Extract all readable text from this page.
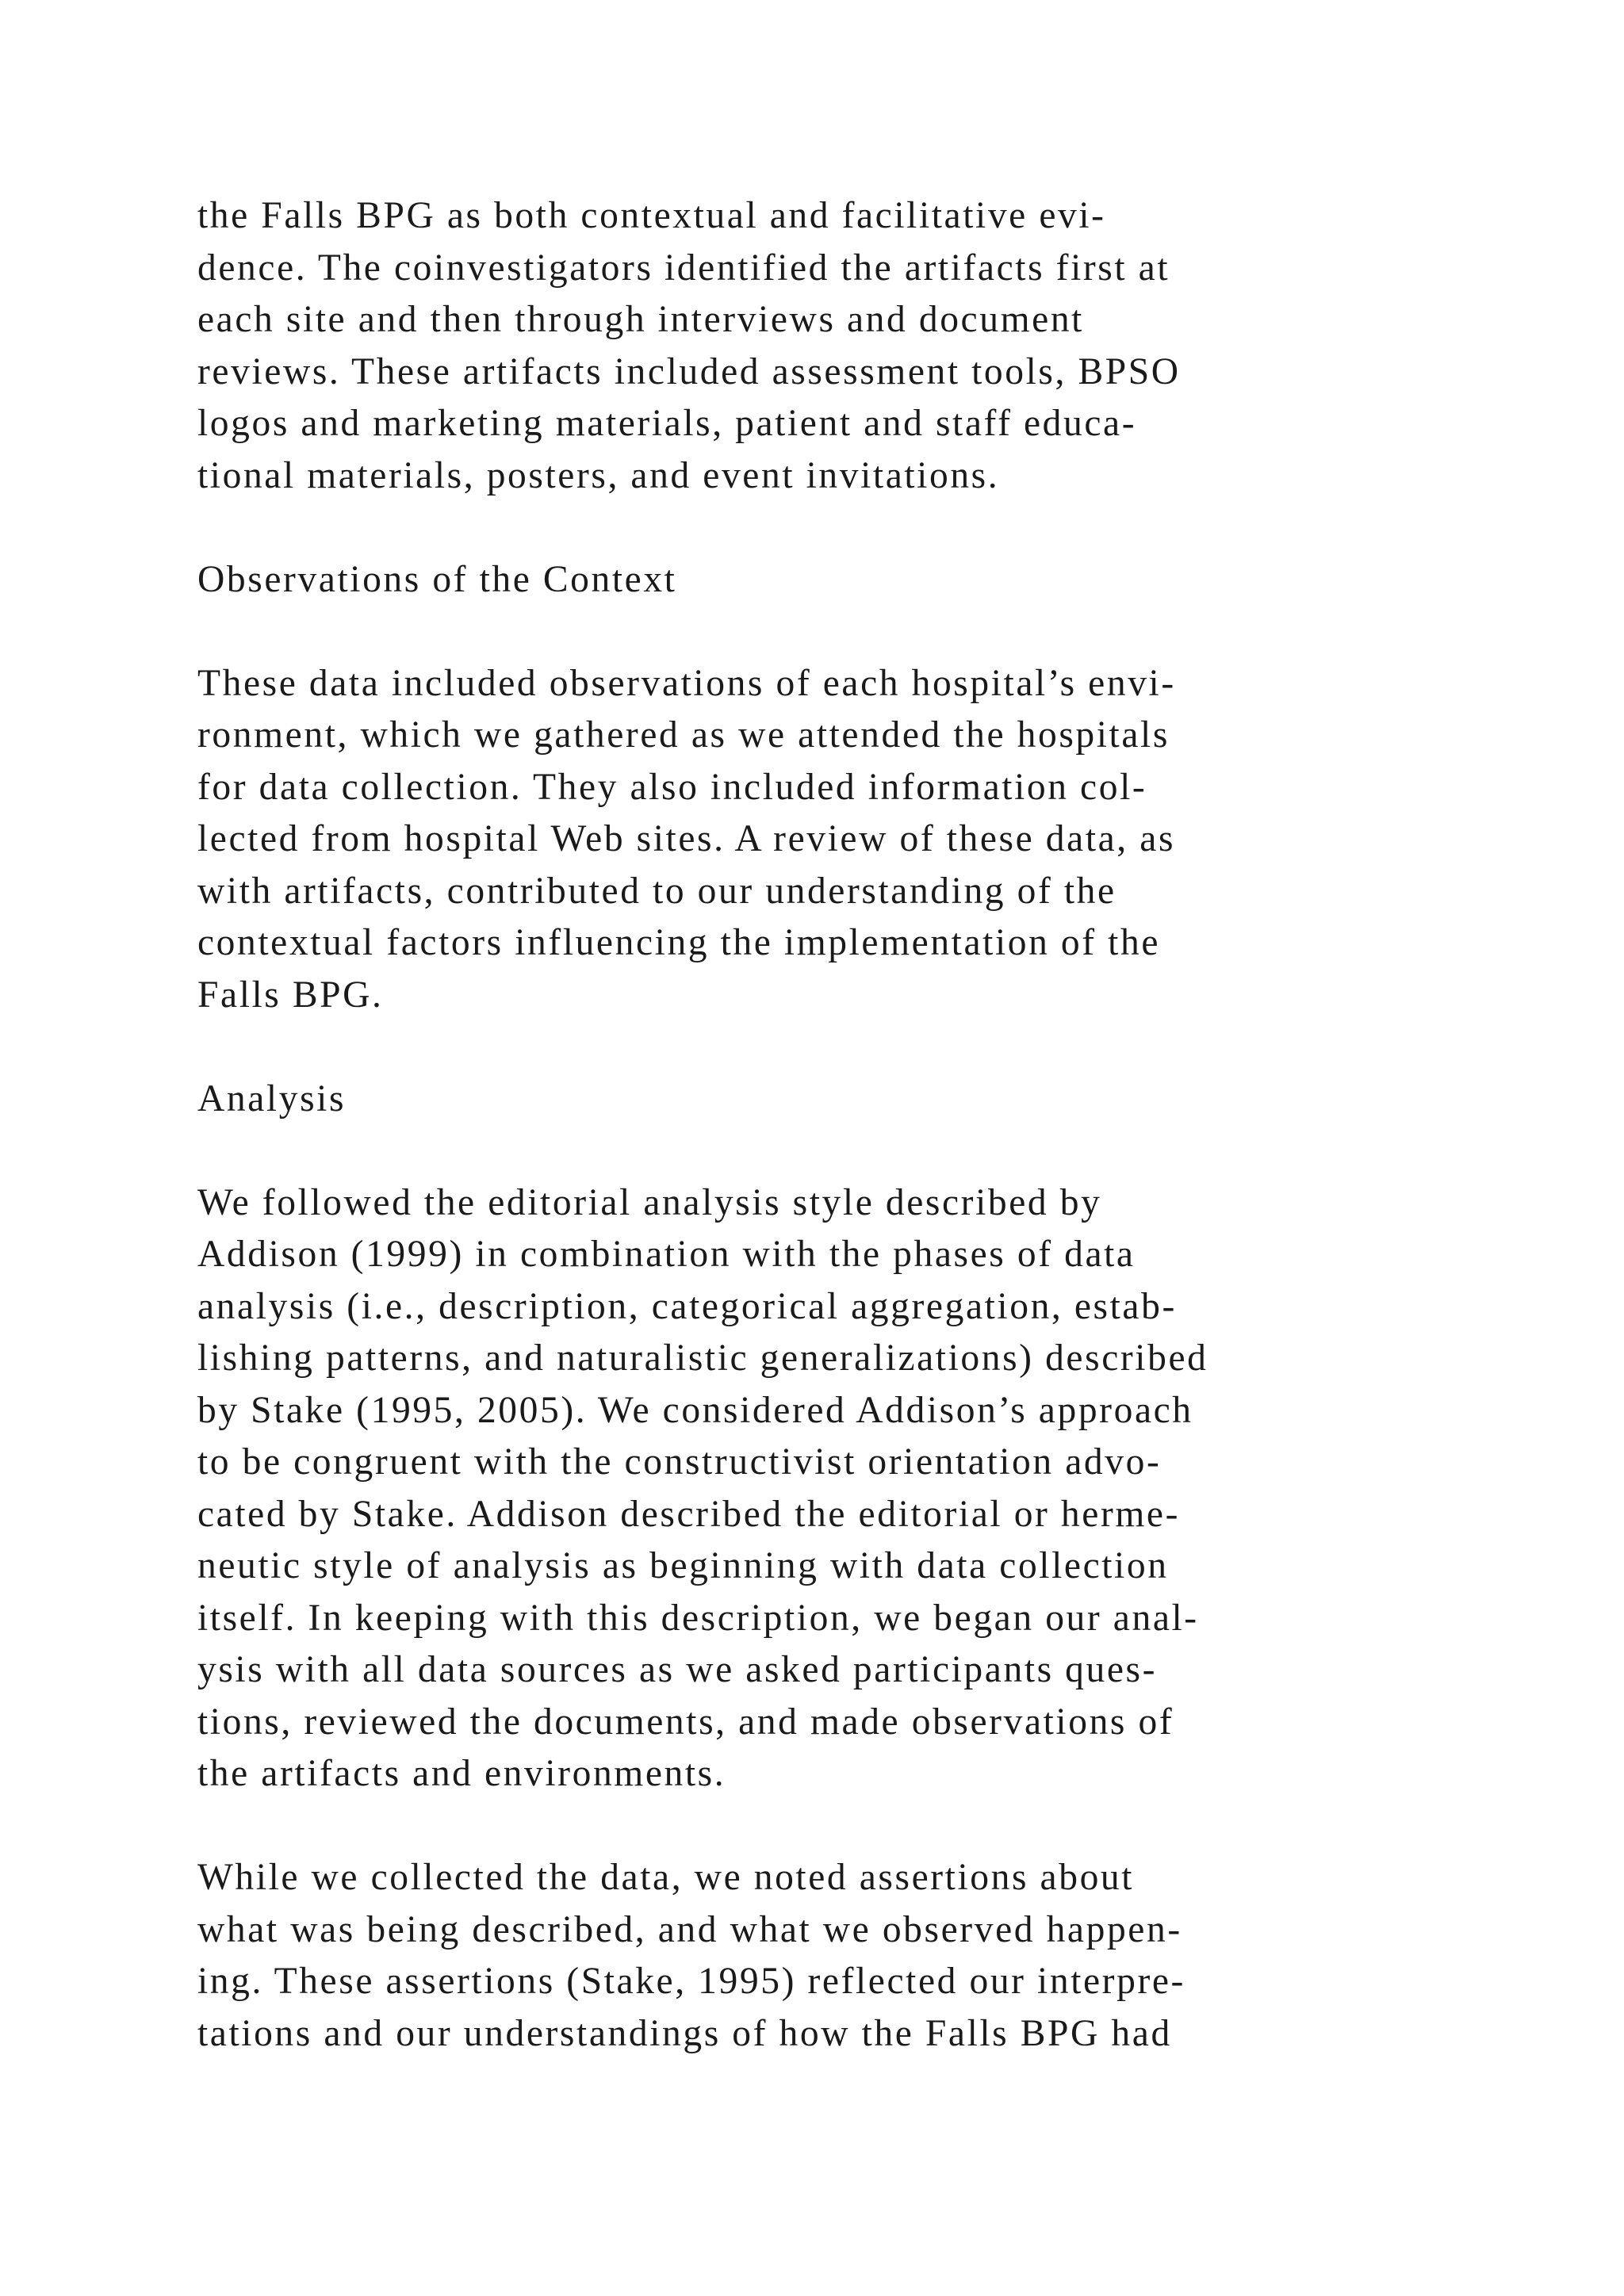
the Falls BPG as both contextual and facilitative evi-
dence. The coinvestigators identified the artifacts first at
each site and then through interviews and document
reviews. These artifacts included assessment tools, BPSO
logos and marketing materials, patient and staff educa-
tional materials, posters, and event invitations.
Observations of the Context
These data included observations of each hospital’s envi-
ronment, which we gathered as we attended the hospitals
for data collection. They also included information col-
lected from hospital Web sites. A review of these data, as
with artifacts, contributed to our understanding of the
contextual factors influencing the implementation of the
Falls BPG.
Analysis
We followed the editorial analysis style described by
Addison (1999) in combination with the phases of data
analysis (i.e., description, categorical aggregation, estab-
lishing patterns, and naturalistic generalizations) described
by Stake (1995, 2005). We considered Addison’s approach
to be congruent with the constructivist orientation advo-
cated by Stake. Addison described the editorial or herme-
neutic style of analysis as beginning with data collection
itself. In keeping with this description, we began our anal-
ysis with all data sources as we asked participants ques-
tions, reviewed the documents, and made observations of
the artifacts and environments.
While we collected the data, we noted assertions about
what was being described, and what we observed happen-
ing. These assertions (Stake, 1995) reflected our interpre-
tations and our understandings of how the Falls BPG had
